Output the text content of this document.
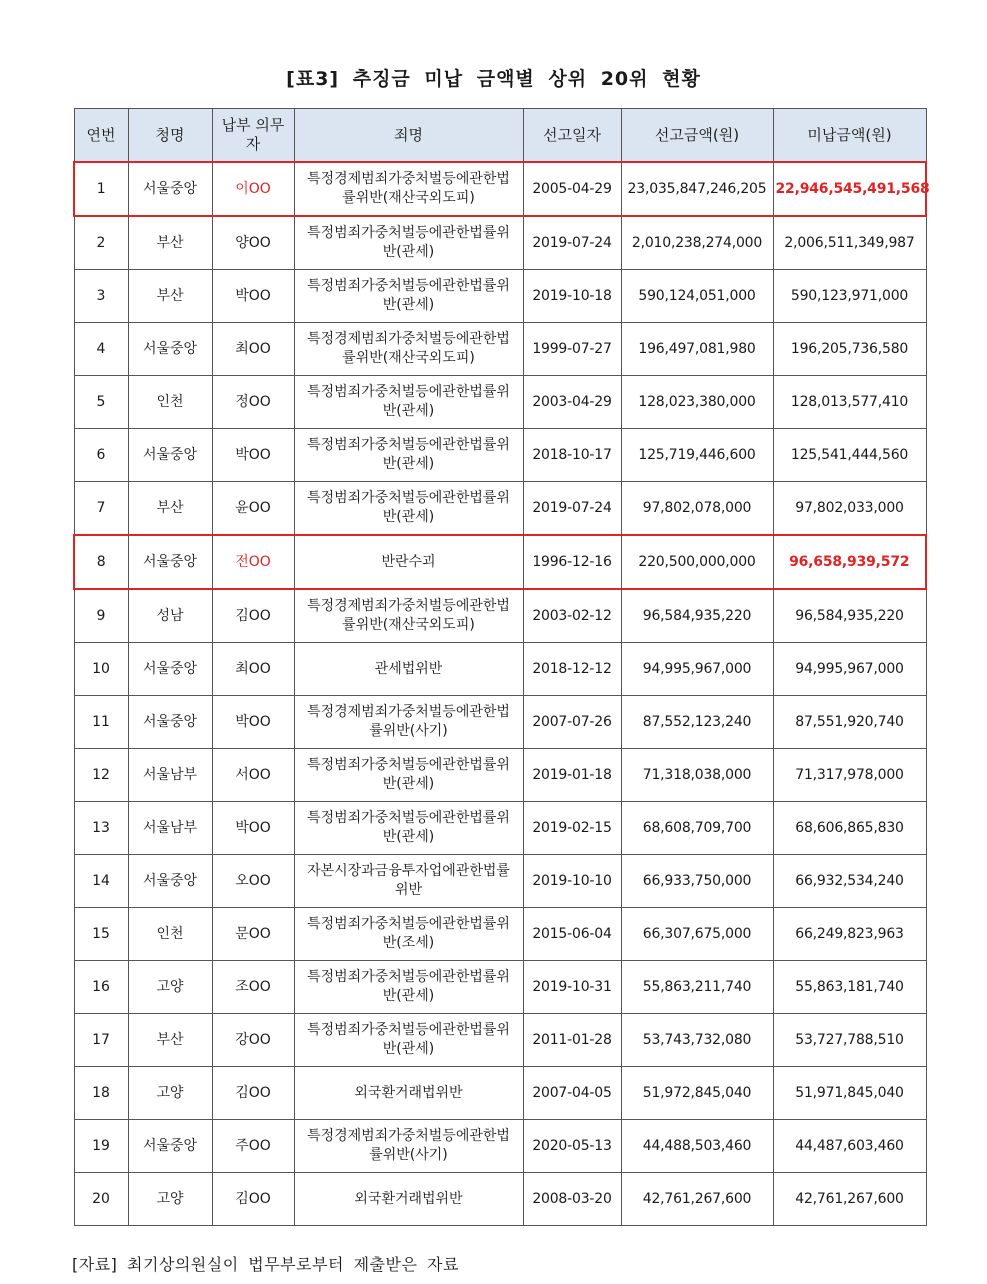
[표3] 추징금 미납 금액별 상위 20위 현황
연번	청명	납부 의무자	죄명	선고일자	선고금액(원)	미납금액(원)
1	서울중앙	이OO	특정경제범죄가중처벌등에관한법률위반(재산국외도피)	2005-04-29	23,035,847,246,205	22,946,545,491,568
2	부산	양OO	특정범죄가중처벌등에관한법률위반(관세)	2019-07-24	2,010,238,274,000	2,006,511,349,987
3	부산	박OO	특정범죄가중처벌등에관한법률위반(관세)	2019-10-18	590,124,051,000	590,123,971,000
4	서울중앙	최OO	특정경제범죄가중처벌등에관한법률위반(재산국외도피)	1999-07-27	196,497,081,980	196,205,736,580
5	인천	정OO	특정범죄가중처벌등에관한법률위반(관세)	2003-04-29	128,023,380,000	128,013,577,410
6	서울중앙	박OO	특정범죄가중처벌등에관한법률위반(관세)	2018-10-17	125,719,446,600	125,541,444,560
7	부산	윤OO	특정범죄가중처벌등에관한법률위반(관세)	2019-07-24	97,802,078,000	97,802,033,000
8	서울중앙	전OO	반란수괴	1996-12-16	220,500,000,000	96,658,939,572
9	성남	김OO	특정경제범죄가중처벌등에관한법률위반(재산국외도피)	2003-02-12	96,584,935,220	96,584,935,220
10	서울중앙	최OO	관세법위반	2018-12-12	94,995,967,000	94,995,967,000
11	서울중앙	박OO	특정경제범죄가중처벌등에관한법률위반(사기)	2007-07-26	87,552,123,240	87,551,920,740
12	서울남부	서OO	특정범죄가중처벌등에관한법률위반(관세)	2019-01-18	71,318,038,000	71,317,978,000
13	서울남부	박OO	특정범죄가중처벌등에관한법률위반(관세)	2019-02-15	68,608,709,700	68,606,865,830
14	서울중앙	오OO	자본시장과금융투자업에관한법률위반	2019-10-10	66,933,750,000	66,932,534,240
15	인천	문OO	특정범죄가중처벌등에관한법률위반(조세)	2015-06-04	66,307,675,000	66,249,823,963
16	고양	조OO	특정범죄가중처벌등에관한법률위반(관세)	2019-10-31	55,863,211,740	55,863,181,740
17	부산	강OO	특정범죄가중처벌등에관한법률위반(관세)	2011-01-28	53,743,732,080	53,727,788,510
18	고양	김OO	외국환거래법위반	2007-04-05	51,972,845,040	51,971,845,040
19	서울중앙	주OO	특정경제범죄가중처벌등에관한법률위반(사기)	2020-05-13	44,488,503,460	44,487,603,460
20	고양	김OO	외국환거래법위반	2008-03-20	42,761,267,600	42,761,267,600
[자료] 최기상의원실이 법무부로부터 제출받은 자료
